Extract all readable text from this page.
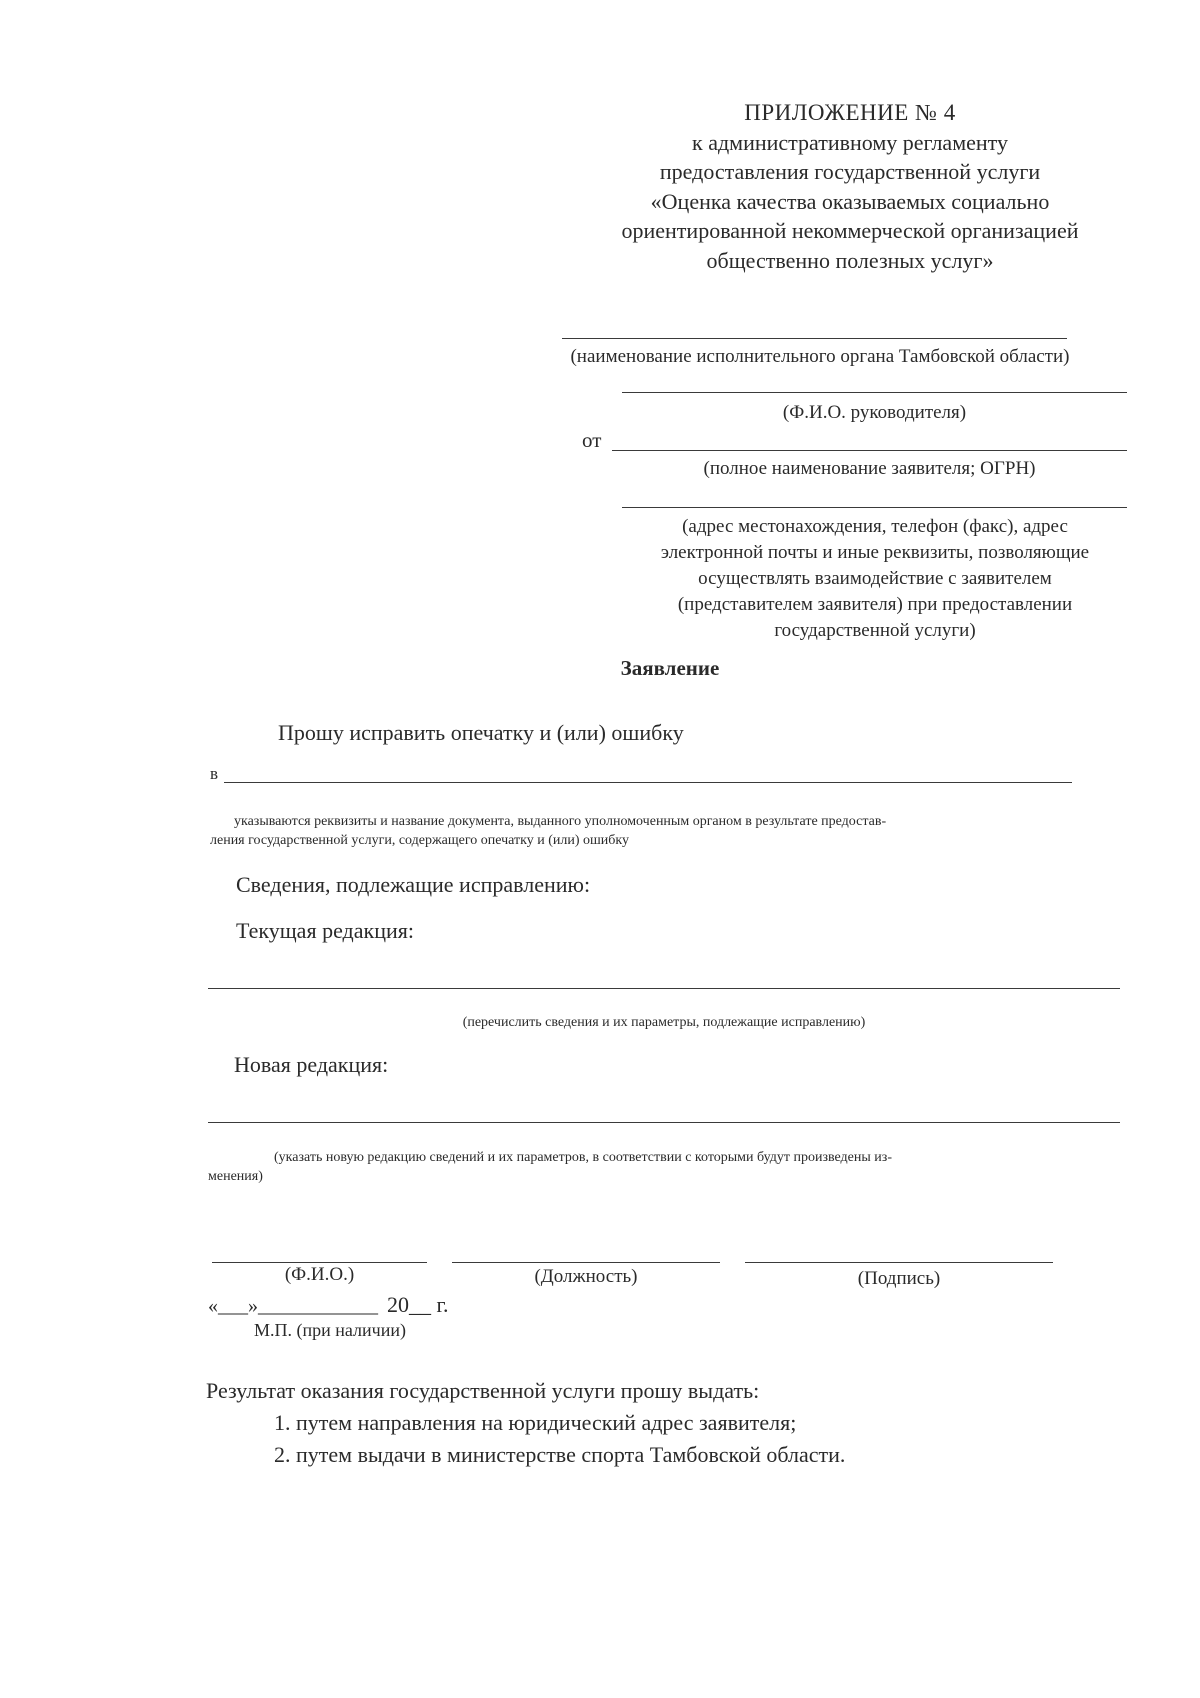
ПРИЛОЖЕНИЕ № 4
к административному регламенту
предоставления государственной услуги
«Оценка качества оказываемых социально
ориентированной некоммерческой организацией
общественно полезных услуг»
(наименование исполнительного органа Тамбовской области)
(Ф.И.О. руководителя)
от
(полное наименование заявителя; ОГРН)
(адрес местонахождения, телефон (факс), адрес
электронной почты и иные реквизиты, позволяющие
осуществлять взаимодействие с заявителем
(представителем заявителя) при предоставлении
государственной услуги)
Заявление
Прошу исправить опечатку и (или) ошибку
в
указываются реквизиты и название документа, выданного уполномоченным органом в результате предостав-
ления государственной услуги, содержащего опечатку и (или) ошибку
Сведения, подлежащие исправлению:
Текущая редакция:
(перечислить сведения и их параметры, подлежащие исправлению)
Новая редакция:
(указать новую редакцию сведений и их параметров, в соответствии с которыми будут произведены из-
менения)
(Ф.И.О.)	(Должность)	(Подпись)
«___»____________ 20__ г.
М.П. (при наличии)
Результат оказания государственной услуги прошу выдать:
1. путем направления на юридический адрес заявителя;
2. путем выдачи в министерстве спорта Тамбовской области.
